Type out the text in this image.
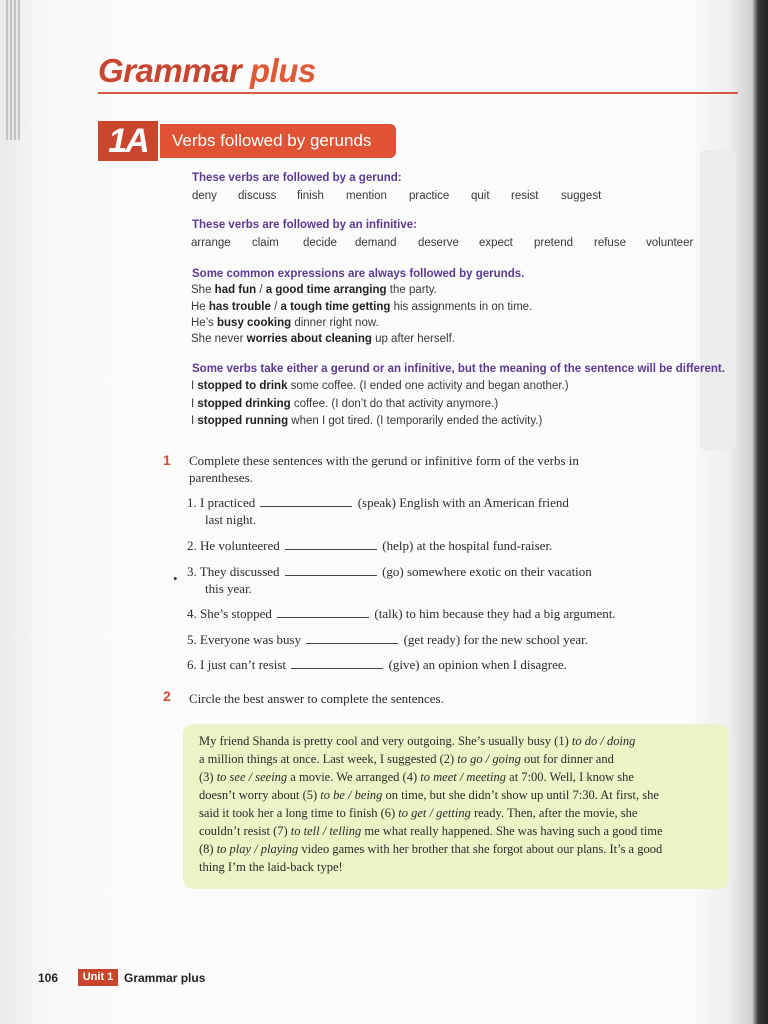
Grammar plus
1A	Verbs followed by gerunds
These verbs are followed by a gerund:
deny discuss finish mention practice quit resist suggest
These verbs are followed by an infinitive:
arrange claim decide demand deserve expect pretend refuse volunteer
Some common expressions are always followed by gerunds.
She had fun / a good time arranging the party.
He has trouble / a tough time getting his assignments in on time.
He’s busy cooking dinner right now.
She never worries about cleaning up after herself.
Some verbs take either a gerund or an infinitive, but the meaning of the sentence will be different.
I stopped to drink some coffee. (I ended one activity and began another.)
I stopped drinking coffee. (I don’t do that activity anymore.)
I stopped running when I got tired. (I temporarily ended the activity.)
1 Complete these sentences with the gerund or infinitive form of the verbs in
parentheses.
1. I practiced	(speak) English with an American friend
last night.
2. He volunteered	(help) at the hospital fund-raiser.
3. They discussed	(go) somewhere exotic on their vacation
this year.
4. She’s stopped	(talk) to him because they had a big argument.
5. Everyone was busy	(get ready) for the new school year.
6. I just can’t resist	(give) an opinion when I disagree.
•
2 Circle the best answer to complete the sentences.
My friend Shanda is pretty cool and very outgoing. She’s usually busy (1) to do / doing
a million things at once. Last week, I suggested (2) to go / going out for dinner and
(3) to see / seeing a movie. We arranged (4) to meet / meeting at 7:00. Well, I know she
doesn’t worry about (5) to be / being on time, but she didn’t show up until 7:30. At first, she
said it took her a long time to finish (6) to get / getting ready. Then, after the movie, she
couldn’t resist (7) to tell / telling me what really happened. She was having such a good time
(8) to play / playing video games with her brother that she forgot about our plans. It’s a good
thing I’m the laid-back type!
106	Unit 1 Grammar plus
